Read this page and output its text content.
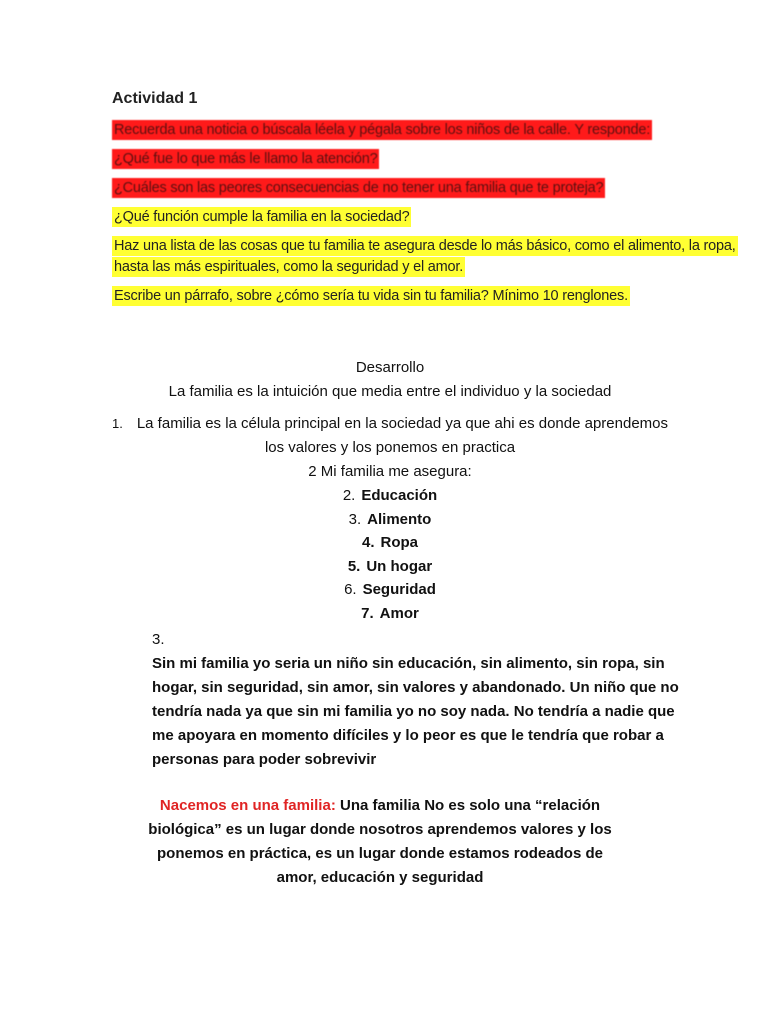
Actividad 1

Recuerda una noticia o búscala léela y pégala sobre los niños de la calle. Y responde:

¿Qué fue lo que más le llamo la atención?

¿Cuáles son las peores consecuencias de no tener una familia que te proteja?

¿Qué función cumple la familia en la sociedad?

Haz una lista de las cosas que tu familia te asegura desde lo más básico, como el alimento, la ropa, hasta las más espirituales, como la seguridad y el amor.

Escribe un párrafo, sobre ¿cómo sería tu vida sin tu familia? Mínimo 10 renglones.

Desarrollo

La familia es la intuición que media entre el individuo y la sociedad

1. La familia es la célula principal en la sociedad ya que ahi es donde aprendemos los valores y los ponemos en practica

2 Mi familia me asegura:

2. Educación
3. Alimento
4. Ropa
5. Un hogar
6. Seguridad
7. Amor

3.

Sin mi familia yo seria un niño sin educación, sin alimento, sin ropa, sin hogar, sin seguridad, sin amor, sin valores y abandonado. Un niño que no tendría nada ya que sin mi familia yo no soy nada. No tendría a nadie que me apoyara en momento difíciles y lo peor es que le tendría que robar a personas para poder sobrevivir

Nacemos en una familia: Una familia No es solo una “relación biológica” es un lugar donde nosotros aprendemos valores y los ponemos en práctica, es un lugar donde estamos rodeados de amor, educación y seguridad
